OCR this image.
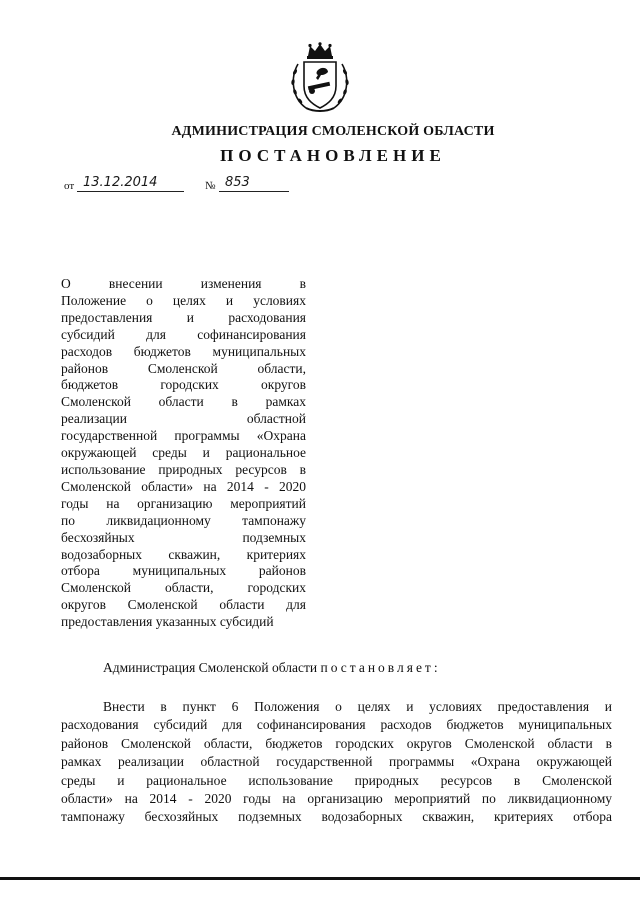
АДМИНИСТРАЦИЯ СМОЛЕНСКОЙ ОБЛАСТИ
ПОСТАНОВЛЕНИЕ
от 13.12.2014	№ 853
О внесении изменения в
Положение о целях и условиях
предоставления и расходования
субсидий для софинансирования
расходов бюджетов муниципальных
районов Смоленской области,
бюджетов городских округов
Смоленской области в рамках
реализации областной
государственной программы «Охрана
окружающей среды и рациональное
использование природных ресурсов в
Смоленской области» на 2014 - 2020
годы на организацию мероприятий
по ликвидационному тампонажу
бесхозяйных подземных
водозаборных скважин, критериях
отбора муниципальных районов
Смоленской области, городских
округов Смоленской области для
предоставления указанных субсидий
Администрация Смоленской области постановляет:
Внести в пункт 6 Положения о целях и условиях предоставления и
расходования субсидий для софинансирования расходов бюджетов муниципальных
районов Смоленской области, бюджетов городских округов Смоленской области в
рамках реализации областной государственной программы «Охрана окружающей
среды и рациональное использование природных ресурсов в Смоленской
области» на 2014 - 2020 годы на организацию мероприятий по ликвидационному
тампонажу бесхозяйных подземных водозаборных скважин, критериях отбора
